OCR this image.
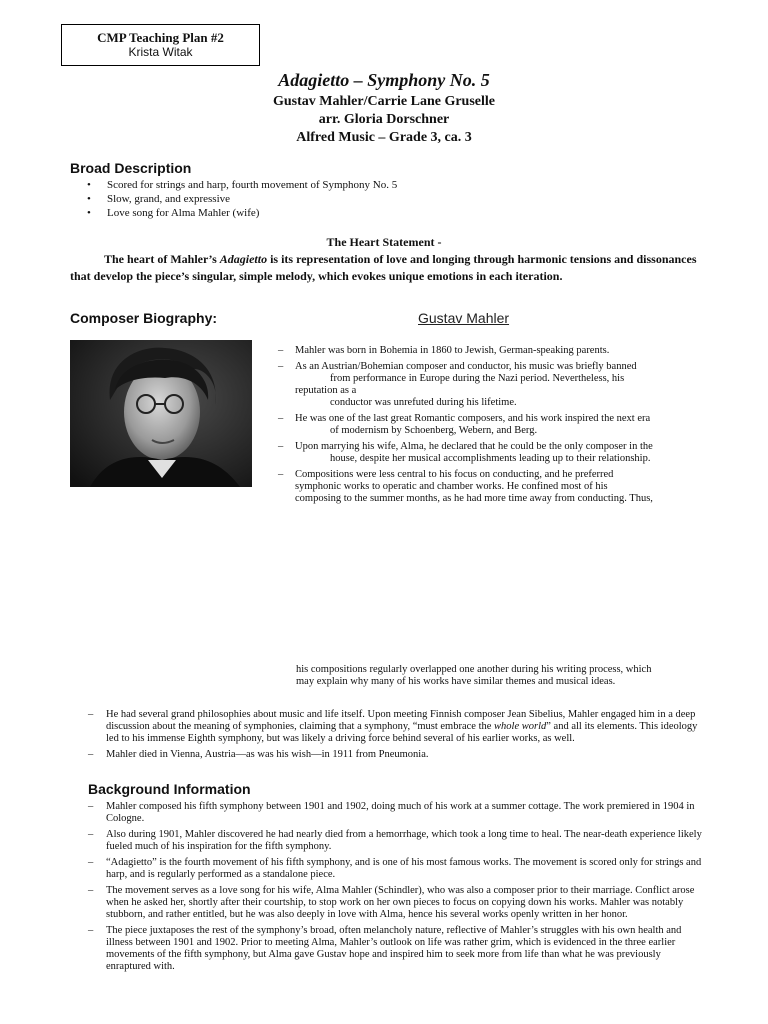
CMP Teaching Plan #2
Krista Witak
Adagietto – Symphony No. 5
Gustav Mahler/Carrie Lane Gruselle
arr. Gloria Dorschner
Alfred Music – Grade 3, ca. 3
Broad Description
• Scored for strings and harp, fourth movement of Symphony No. 5
• Slow, grand, and expressive
• Love song for Alma Mahler (wife)
The Heart Statement -
The heart of Mahler’s Adagietto is its representation of love and longing through harmonic tensions and dissonances that develop the piece’s singular, simple melody, which evokes unique emotions in each iteration.
Composer Biography:	Gustav Mahler
– Mahler was born in Bohemia in 1860 to Jewish, German-speaking parents.
– As an Austrian/Bohemian composer and conductor, his music was briefly banned
from performance in Europe during the Nazi period. Nevertheless, his
reputation as a
conductor was unrefuted during his lifetime.
– He was one of the last great Romantic composers, and his work inspired the next era
of modernism by Schoenberg, Webern, and Berg.
– Upon marrying his wife, Alma, he declared that he could be the only composer in the
house, despite her musical accomplishments leading up to their relationship.
– Compositions were less central to his focus on conducting, and he preferred
symphonic works to operatic and chamber works. He confined most of his
composing to the summer months, as he had more time away from conducting. Thus,
his compositions regularly overlapped one another during his writing process, which
may explain why many of his works have similar themes and musical ideas.
– He had several grand philosophies about music and life itself. Upon meeting Finnish composer Jean Sibelius, Mahler engaged him in a deep discussion about the meaning of symphonies, claiming that a symphony, “must embrace the whole world” and all its elements. This ideology led to his immense Eighth symphony, but was likely a driving force behind several of his earlier works, as well.
– Mahler died in Vienna, Austria—as was his wish—in 1911 from Pneumonia.
Background Information
– Mahler composed his fifth symphony between 1901 and 1902, doing much of his work at a summer cottage. The work premiered in 1904 in Cologne.
– Also during 1901, Mahler discovered he had nearly died from a hemorrhage, which took a long time to heal. The near-death experience likely fueled much of his inspiration for the fifth symphony.
– “Adagietto” is the fourth movement of his fifth symphony, and is one of his most famous works. The movement is scored only for strings and harp, and is regularly performed as a standalone piece.
– The movement serves as a love song for his wife, Alma Mahler (Schindler), who was also a composer prior to their marriage. Conflict arose when he asked her, shortly after their courtship, to stop work on her own pieces to focus on copying down his works. Mahler was notably stubborn, and rather entitled, but he was also deeply in love with Alma, hence his several works openly written in her honor.
– The piece juxtaposes the rest of the symphony’s broad, often melancholy nature, reflective of Mahler’s struggles with his own health and illness between 1901 and 1902. Prior to meeting Alma, Mahler’s outlook on life was rather grim, which is evidenced in the three earlier movements of the fifth symphony, but Alma gave Gustav hope and inspired him to seek more from life than what he was previously enraptured with.
